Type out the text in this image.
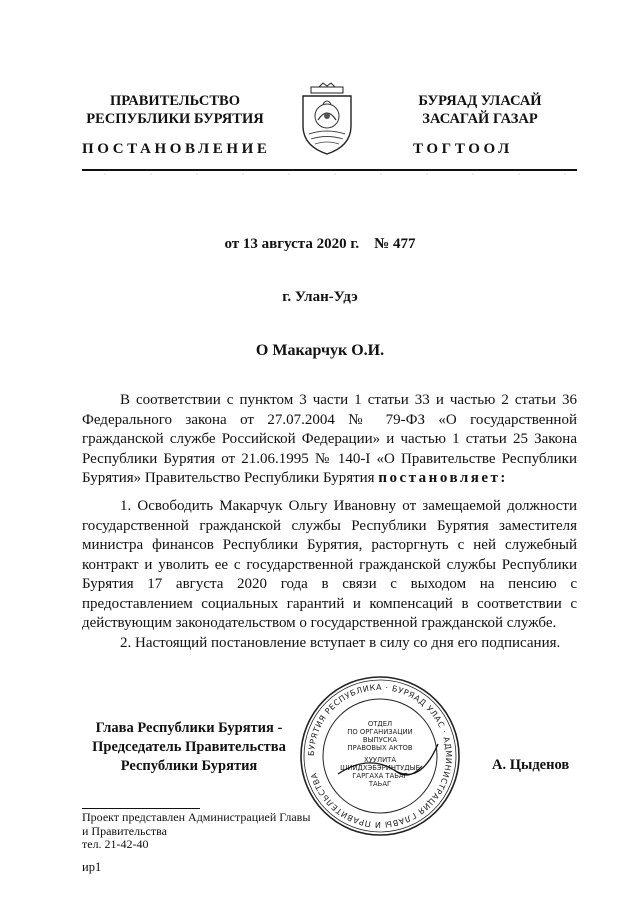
ПРАВИТЕЛЬСТВО
РЕСПУБЛИКИ БУРЯТИЯ
БУРЯАД УЛАСАЙ
ЗАСАГАЙ ГАЗАР
ПОСТАНОВЛЕНИЕ	ТОГТООЛ
от 13 августа 2020 г.    № 477
г. Улан-Удэ
О Макарчук О.И.

В соответствии с пунктом 3 части 1 статьи 33 и частью 2 статьи 36 Федерального закона от 27.07.2004 № 79-ФЗ «О государственной гражданской службе Российской Федерации» и частью 1 статьи 25 Закона Республики Бурятия от 21.06.1995 № 140-I «О Правительстве Республики Бурятия» Правительство Республики Бурятия постановляет:

1. Освободить Макарчук Ольгу Ивановну от замещаемой должности государственной гражданской службы Республики Бурятия заместителя министра финансов Республики Бурятия, расторгнуть с ней служебный контракт и уволить ее с государственной гражданской службы Республики Бурятия 17 августа 2020 года в связи с выходом на пенсию с предоставлением социальных гарантий и компенсаций в соответствии с действующим законодательством о государственной гражданской службе.

2. Настоящий постановление вступает в силу со дня его подписания.

Глава Республики Бурятия -
Председатель Правительства
Республики Бурятия	А. Цыденов
БУРЯТИЯ РЕСПУБЛИКА · БУРЯАД УЛАС · АДМИНИСТРАЦИЯ ГЛАВЫ И ПРАВИТЕЛЬСТВА
ОТДЕЛ
ПО ОРГАНИЗАЦИИ
ВЫПУСКА
ПРАВОВЫХ АКТОВ
ХУУЛИТА
ШИИДХЭБЭРИНТУДЫЕ
ГАРГАХА ТАЬАГ
ТАЬАГ
Проект представлен Администрацией Главы
и Правительства
тел. 21-42-40
ир1
